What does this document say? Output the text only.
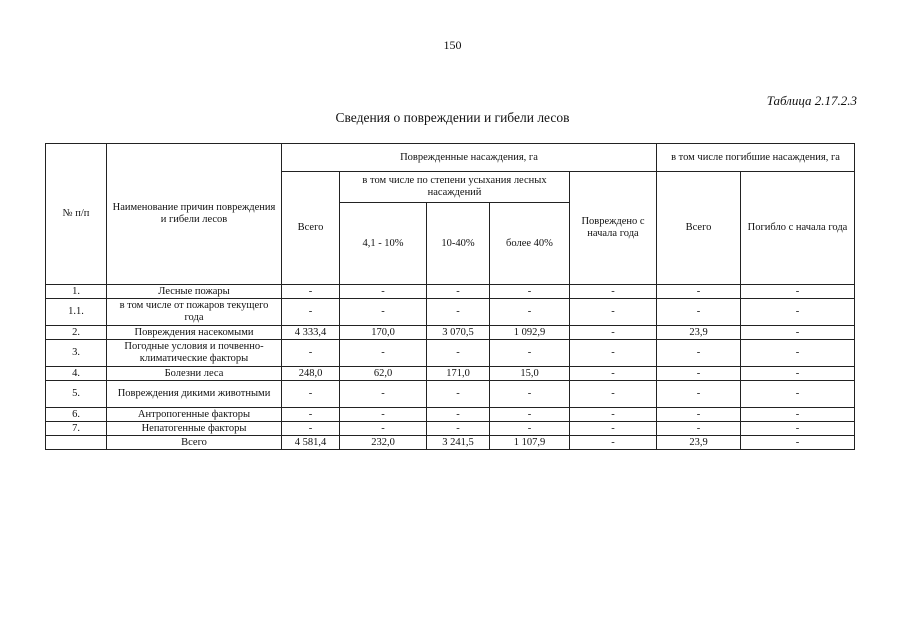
150
Таблица 2.17.2.3
Сведения о повреждении и гибели лесов
№ п/п	Наименование причин повреждения и гибели лесов	Поврежденные насаждения, га					в том числе погибшие насаждения, га	
		Всего	в том числе по степени усыхания лесных насаждений			Повреждено с начала года	Всего	Погибло с начала года
			4,1 - 10%	10-40%	более 40%			
1.	Лесные пожары	-	-	-	-	-	-	-
1.1.	в том числе от пожаров текущего года	-	-	-	-	-	-	-
2.	Повреждения насекомыми	4 333,4	170,0	3 070,5	1 092,9	-	23,9	-
3.	Погодные условия и почвенно-климатические факторы	-	-	-	-	-	-	-
4.	Болезни леса	248,0	62,0	171,0	15,0	-	-	-
5.	Повреждения дикими животными	-	-	-	-	-	-	-
6.	Антропогенные факторы	-	-	-	-	-	-	-
7.	Непатогенные факторы	-	-	-	-	-	-	-
	Всего	4 581,4	232,0	3 241,5	1 107,9	-	23,9	-
